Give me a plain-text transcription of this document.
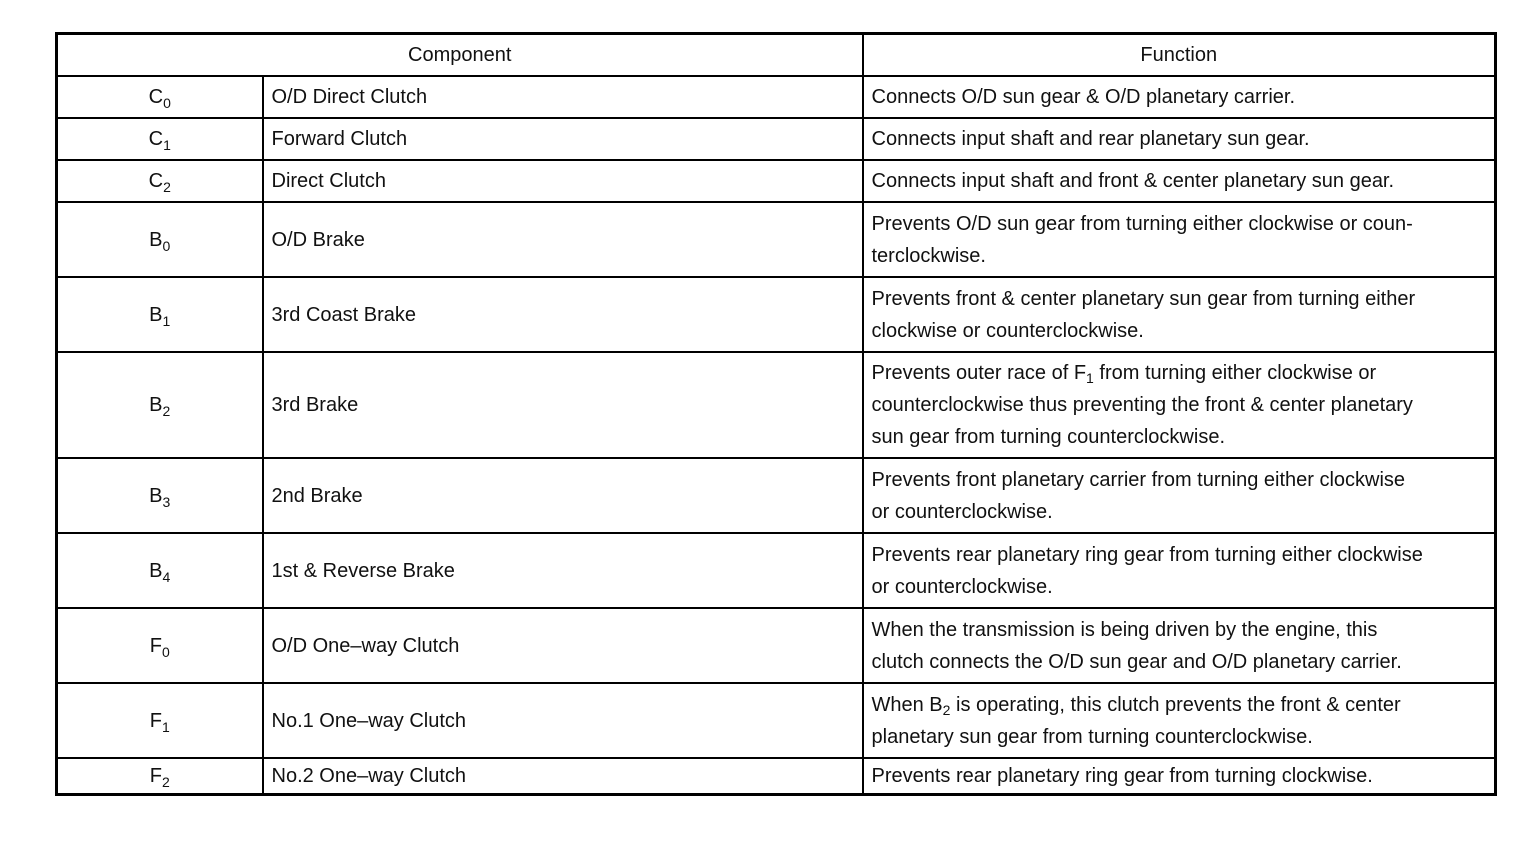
Component		Function
$C_0$	O/D Direct Clutch	Connects O/D sun gear & O/D planetary carrier.
$C_1$	Forward Clutch	Connects input shaft and rear planetary sun gear.
$C_2$	Direct Clutch	Connects input shaft and front & center planetary sun gear.
$B_0$	O/D Brake	Prevents O/D sun gear from turning either clockwise or coun-
terclockwise.
$B_1$	3rd Coast Brake	Prevents front & center planetary sun gear from turning either
clockwise or counterclockwise.
$B_2$	3rd Brake	Prevents outer race of $F_1$ from turning either clockwise or
counterclockwise thus preventing the front & center planetary
sun gear from turning counterclockwise.
$B_3$	2nd Brake	Prevents front planetary carrier from turning either clockwise
or counterclockwise.
$B_4$	1st & Reverse Brake	Prevents rear planetary ring gear from turning either clockwise
or counterclockwise.
$F_0$	O/D One–way Clutch	When the transmission is being driven by the engine, this
clutch connects the O/D sun gear and O/D planetary carrier.
$F_1$	No.1 One–way Clutch	When $B_2$ is operating, this clutch prevents the front & center
planetary sun gear from turning counterclockwise.
$F_2$	No.2 One–way Clutch	Prevents rear planetary ring gear from turning clockwise.
